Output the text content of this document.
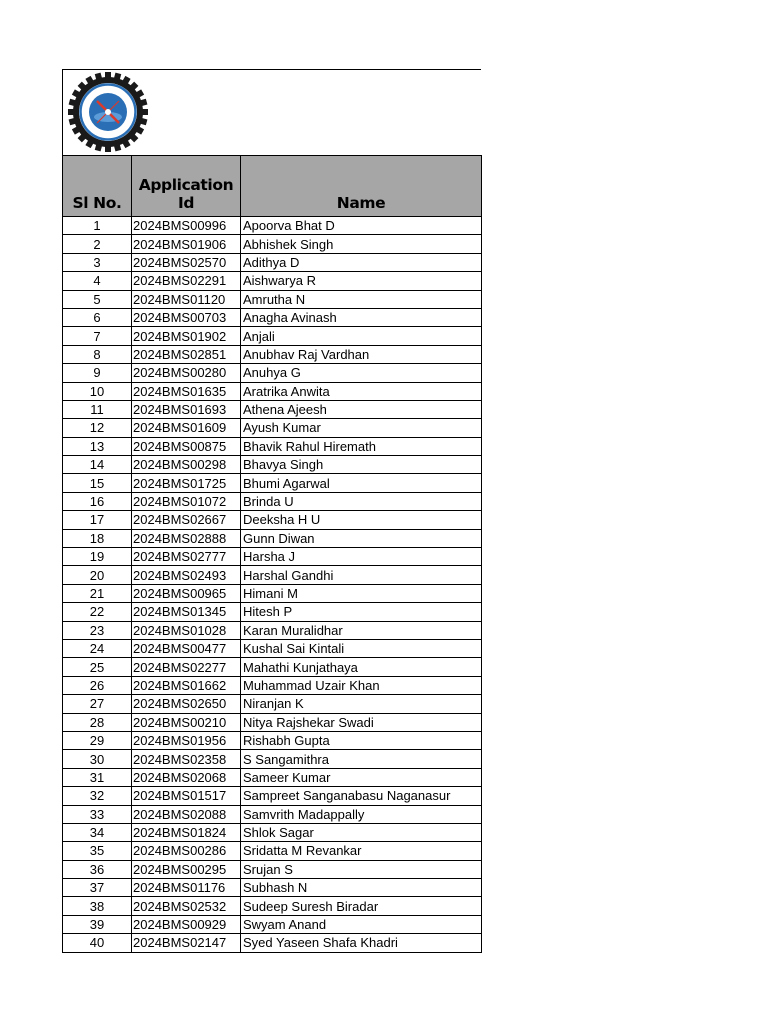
Sl No.	Application Id	Name
1	2024BMS00996	Apoorva Bhat D
2	2024BMS01906	Abhishek Singh
3	2024BMS02570	Adithya D
4	2024BMS02291	Aishwarya R
5	2024BMS01120	Amrutha N
6	2024BMS00703	Anagha Avinash
7	2024BMS01902	Anjali
8	2024BMS02851	Anubhav Raj Vardhan
9	2024BMS00280	Anuhya G
10	2024BMS01635	Aratrika Anwita
11	2024BMS01693	Athena Ajeesh
12	2024BMS01609	Ayush Kumar
13	2024BMS00875	Bhavik Rahul Hiremath
14	2024BMS00298	Bhavya Singh
15	2024BMS01725	Bhumi Agarwal
16	2024BMS01072	Brinda U
17	2024BMS02667	Deeksha H U
18	2024BMS02888	Gunn Diwan
19	2024BMS02777	Harsha J
20	2024BMS02493	Harshal Gandhi
21	2024BMS00965	Himani M
22	2024BMS01345	Hitesh P
23	2024BMS01028	Karan Muralidhar
24	2024BMS00477	Kushal Sai Kintali
25	2024BMS02277	Mahathi Kunjathaya
26	2024BMS01662	Muhammad Uzair Khan
27	2024BMS02650	Niranjan K
28	2024BMS00210	Nitya Rajshekar Swadi
29	2024BMS01956	Rishabh Gupta
30	2024BMS02358	S Sangamithra
31	2024BMS02068	Sameer Kumar
32	2024BMS01517	Sampreet Sanganabasu Naganasur
33	2024BMS02088	Samvrith Madappally
34	2024BMS01824	Shlok Sagar
35	2024BMS00286	Sridatta M Revankar
36	2024BMS00295	Srujan S
37	2024BMS01176	Subhash N
38	2024BMS02532	Sudeep Suresh Biradar
39	2024BMS00929	Swyam Anand
40	2024BMS02147	Syed Yaseen Shafa Khadri
